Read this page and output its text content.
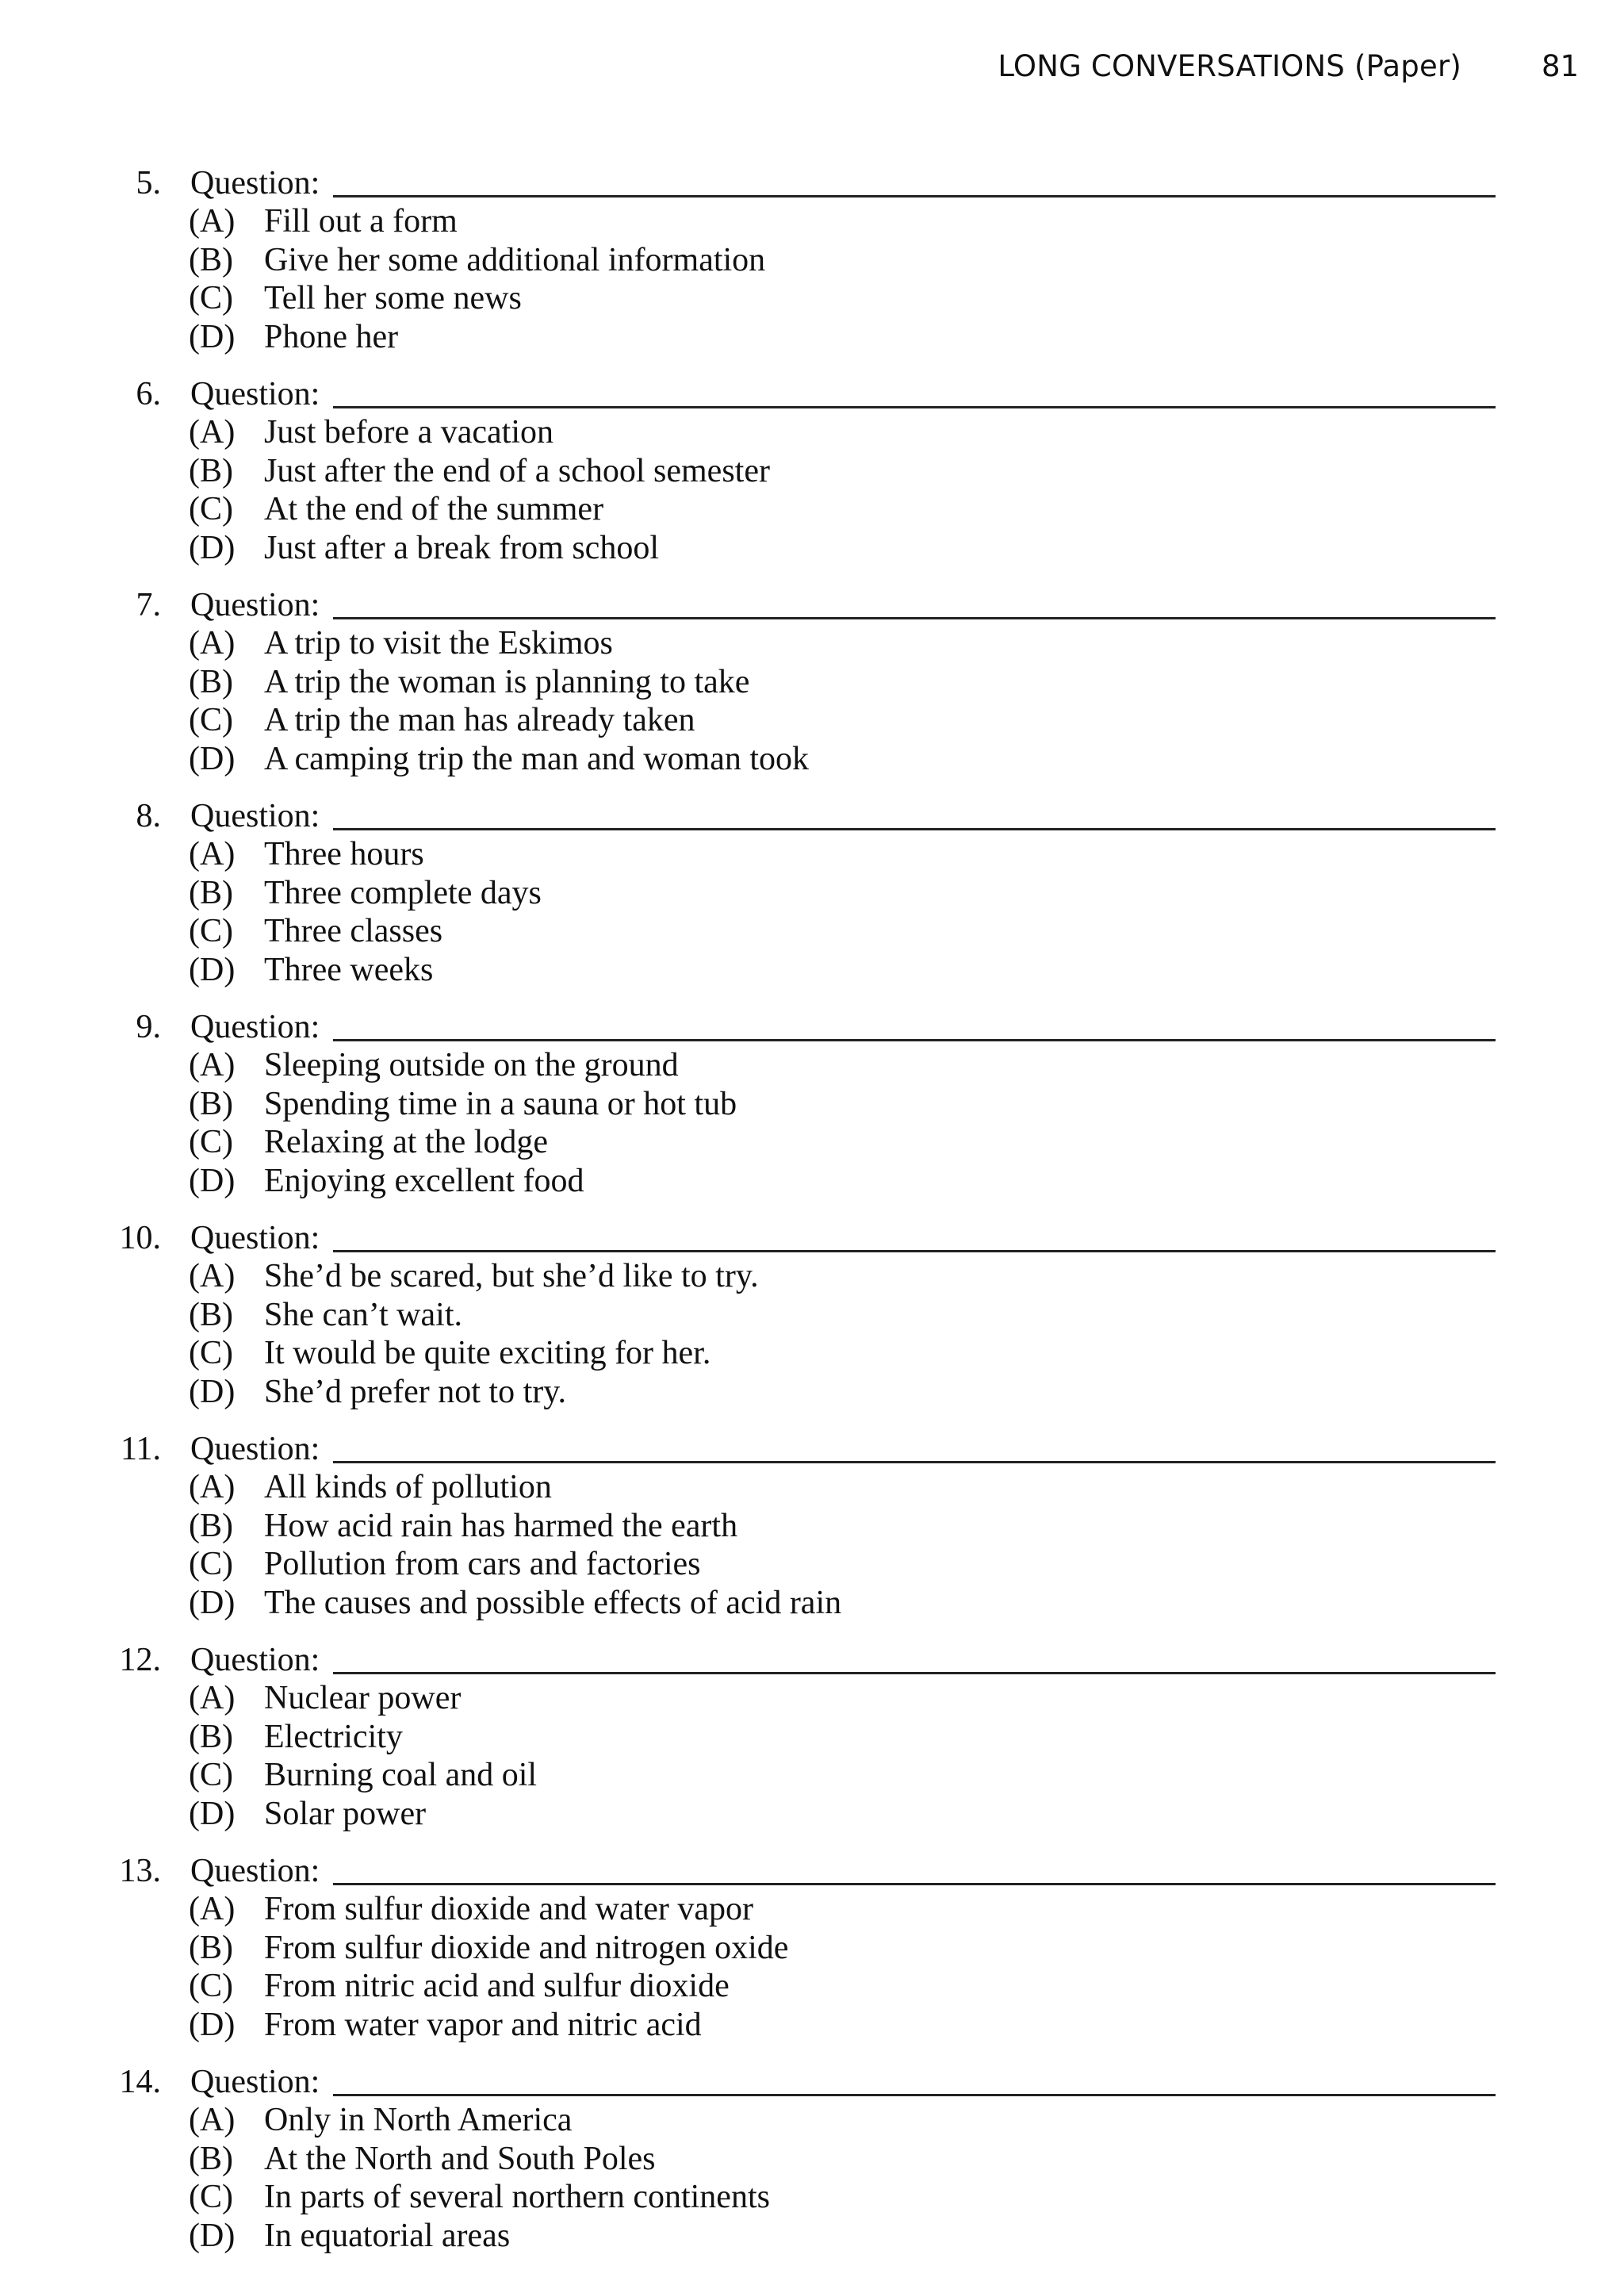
LONG CONVERSATIONS (Paper)	81
5. Question:
(A) Fill out a form
(B) Give her some additional information
(C) Tell her some news
(D) Phone her
6. Question:
(A) Just before a vacation
(B) Just after the end of a school semester
(C) At the end of the summer
(D) Just after a break from school
7. Question:
(A) A trip to visit the Eskimos
(B) A trip the woman is planning to take
(C) A trip the man has already taken
(D) A camping trip the man and woman took
8. Question:
(A) Three hours
(B) Three complete days
(C) Three classes
(D) Three weeks
9. Question:
(A) Sleeping outside on the ground
(B) Spending time in a sauna or hot tub
(C) Relaxing at the lodge
(D) Enjoying excellent food
10. Question:
(A) She’d be scared, but she’d like to try.
(B) She can’t wait.
(C) It would be quite exciting for her.
(D) She’d prefer not to try.
11. Question:
(A) All kinds of pollution
(B) How acid rain has harmed the earth
(C) Pollution from cars and factories
(D) The causes and possible effects of acid rain
12. Question:
(A) Nuclear power
(B) Electricity
(C) Burning coal and oil
(D) Solar power
13. Question:
(A) From sulfur dioxide and water vapor
(B) From sulfur dioxide and nitrogen oxide
(C) From nitric acid and sulfur dioxide
(D) From water vapor and nitric acid
14. Question:
(A) Only in North America
(B) At the North and South Poles
(C) In parts of several northern continents
(D) In equatorial areas
